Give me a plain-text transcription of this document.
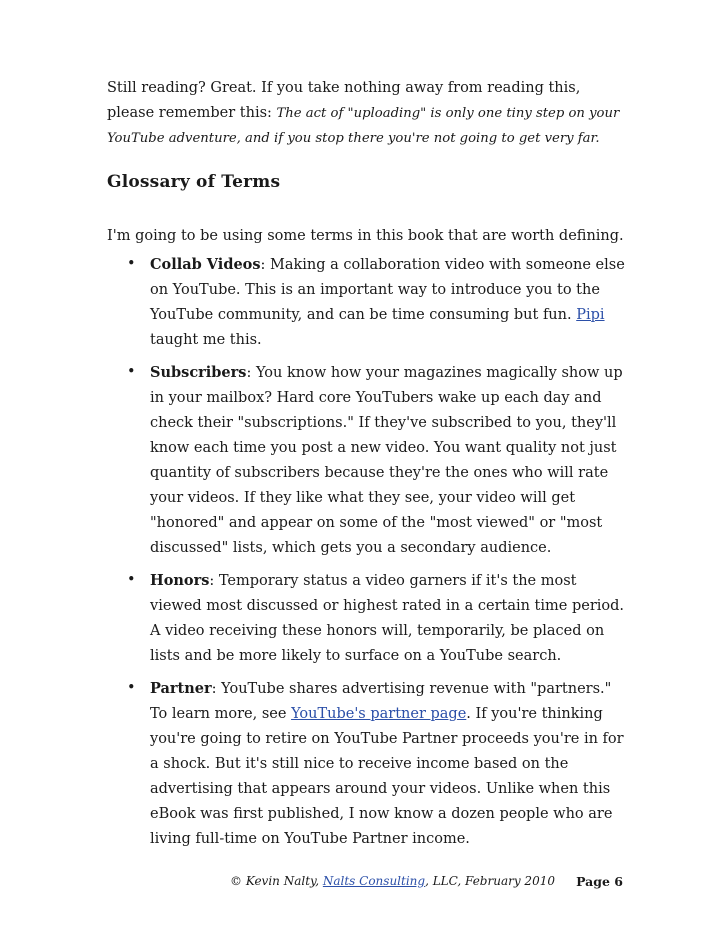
Still reading? Great. If you take nothing away from reading this, please remember this: The act of "uploading" is only one tiny step on your YouTube adventure, and if you stop there you're not going to get very far.

Glossary of Terms

I'm going to be using some terms in this book that are worth defining.

• Collab Videos: Making a collaboration video with someone else on YouTube. This is an important way to introduce you to the YouTube community, and can be time consuming but fun. Pipi taught me this.
• Subscribers: You know how your magazines magically show up in your mailbox? Hard core YouTubers wake up each day and check their "subscriptions." If they've subscribed to you, they'll know each time you post a new video. You want quality not just quantity of subscribers because they're the ones who will rate your videos. If they like what they see, your video will get "honored" and appear on some of the "most viewed" or "most discussed" lists, which gets you a secondary audience.
• Honors: Temporary status a video garners if it's the most viewed most discussed or highest rated in a certain time period. A video receiving these honors will, temporarily, be placed on lists and be more likely to surface on a YouTube search.
• Partner: YouTube shares advertising revenue with "partners." To learn more, see YouTube's partner page. If you're thinking you're going to retire on YouTube Partner proceeds you're in for a shock. But it's still nice to receive income based on the advertising that appears around your videos. Unlike when this eBook was first published, I now know a dozen people who are living full-time on YouTube Partner income.
© Kevin Nalty, Nalts Consulting, LLC, February 2010 Page 6
